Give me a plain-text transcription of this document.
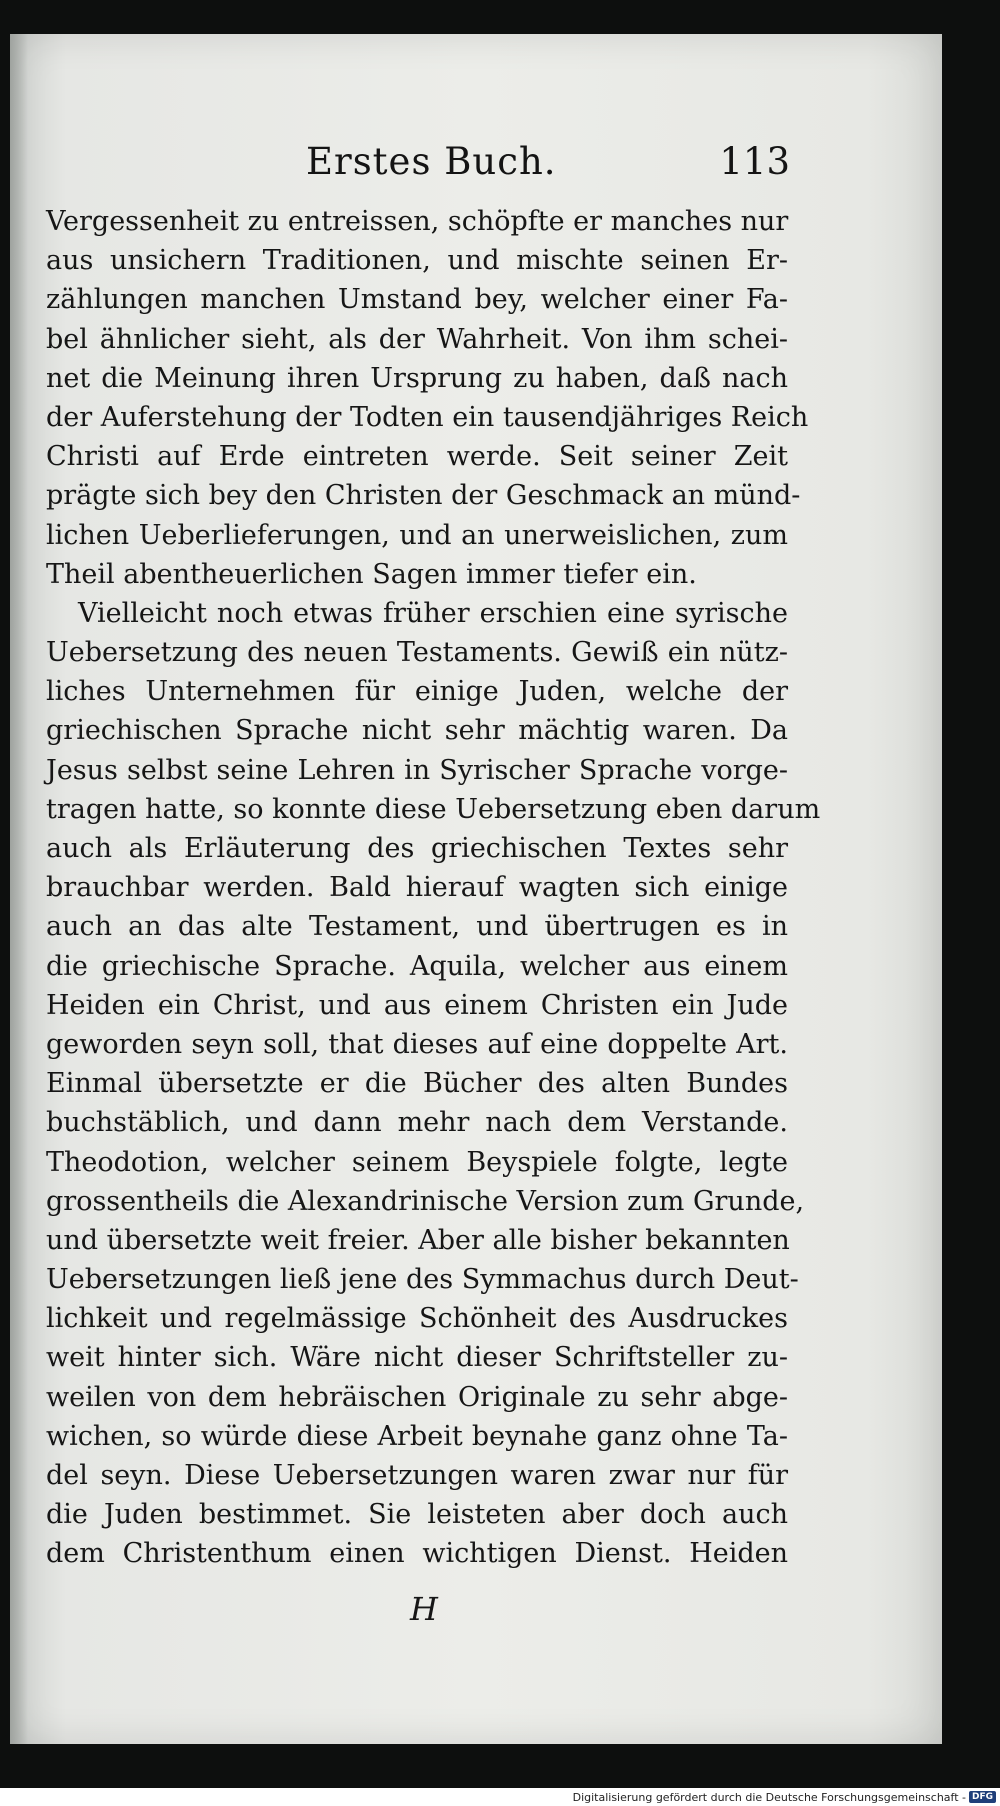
Erstes Buch.	113
Vergessenheit zu entreissen, schöpfte er manches nur
aus unsichern Traditionen, und mischte seinen Er-
zählungen manchen Umstand bey, welcher einer Fa-
bel ähnlicher sieht, als der Wahrheit. Von ihm schei-
net die Meinung ihren Ursprung zu haben, daß nach
der Auferstehung der Todten ein tausendjähriges Reich
Christi auf Erde eintreten werde. Seit seiner Zeit
prägte sich bey den Christen der Geschmack an münd-
lichen Ueberlieferungen, und an unerweislichen, zum
Theil abentheuerlichen Sagen immer tiefer ein.
Vielleicht noch etwas früher erschien eine syrische
Uebersetzung des neuen Testaments. Gewiß ein nütz-
liches Unternehmen für einige Juden, welche der
griechischen Sprache nicht sehr mächtig waren. Da
Jesus selbst seine Lehren in Syrischer Sprache vorge-
tragen hatte, so konnte diese Uebersetzung eben darum
auch als Erläuterung des griechischen Textes sehr
brauchbar werden. Bald hierauf wagten sich einige
auch an das alte Testament, und übertrugen es in
die griechische Sprache. Aquila, welcher aus einem
Heiden ein Christ, und aus einem Christen ein Jude
geworden seyn soll, that dieses auf eine doppelte Art.
Einmal übersetzte er die Bücher des alten Bundes
buchstäblich, und dann mehr nach dem Verstande.
Theodotion, welcher seinem Beyspiele folgte, legte
grossentheils die Alexandrinische Version zum Grunde,
und übersetzte weit freier. Aber alle bisher bekannten
Uebersetzungen ließ jene des Symmachus durch Deut-
lichkeit und regelmässige Schönheit des Ausdruckes
weit hinter sich. Wäre nicht dieser Schriftsteller zu-
weilen von dem hebräischen Originale zu sehr abge-
wichen, so würde diese Arbeit beynahe ganz ohne Ta-
del seyn. Diese Uebersetzungen waren zwar nur für
die Juden bestimmet. Sie leisteten aber doch auch
dem Christenthum einen wichtigen Dienst. Heiden
H
Digitalisierung gefördert durch die Deutsche Forschungsgemeinschaft - DFG
